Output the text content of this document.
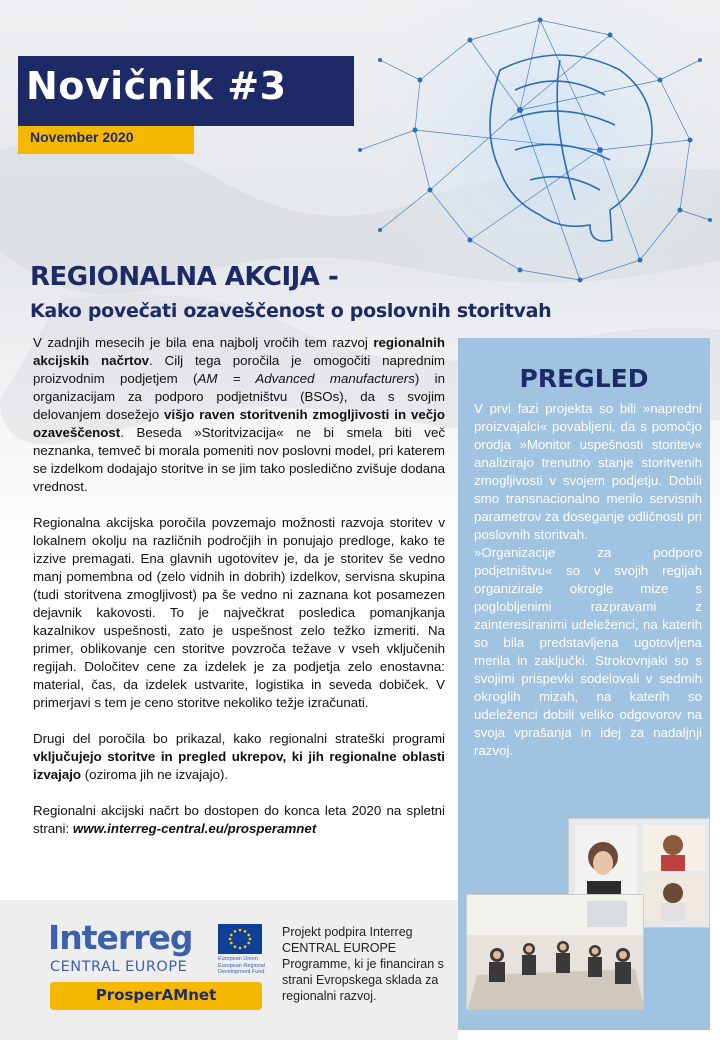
Novičnik #3
November 2020
REGIONALNA AKCIJA -
Kako povečati ozaveščenost o poslovnih storitvah

V zadnjih mesecih je bila ena najbolj vročih tem razvoj regionalnih akcijskih načrtov. Cilj tega poročila je omogočiti naprednim proizvodnim podjetjem (AM = Advanced manufacturers) in organizacijam za podporo podjetništvu (BSOs), da s svojim delovanjem dosežejo višjo raven storitvenih zmogljivosti in večjo ozaveščenost. Beseda »Storitvizacija« ne bi smela biti več neznanka, temveč bi morala pomeniti nov poslovni model, pri katerem se izdelkom dodajajo storitve in se jim tako posledično zvišuje dodana vrednost.

Regionalna akcijska poročila povzemajo možnosti razvoja storitev v lokalnem okolju na različnih področjih in ponujajo predloge, kako te izzive premagati. Ena glavnih ugotovitev je, da je storitev še vedno manj pomembna od (zelo vidnih in dobrih) izdelkov, servisna skupina (tudi storitvena zmogljivost) pa še vedno ni zaznana kot posamezen dejavnik kakovosti. To je največkrat posledica pomanjkanja kazalnikov uspešnosti, zato je uspešnost zelo težko izmeriti. Na primer, oblikovanje cen storitve povzroča težave v vseh vključenih regijah. Določitev cene za izdelek je za podjetja zelo enostavna: material, čas, da izdelek ustvarite, logistika in seveda dobiček. V primerjavi s tem je ceno storitve nekoliko težje izračunati.

Drugi del poročila bo prikazal, kako regionalni strateški programi vključujejo storitve in pregled ukrepov, ki jih regionalne oblasti izvajajo (oziroma jih ne izvajajo).

Regionalni akcijski načrt bo dostopen do konca leta 2020 na spletni strani: www.interreg-central.eu/prosperamnet

PREGLED

V prvi fazi projekta so bili »napredni proizvajalci« povabljeni, da s pomočjo orodja »Monitor uspešnosti storitev« analizirajo trenutno stanje storitvenih zmogljivosti v svojem podjetju. Dobili smo transnacionalno merilo servisnih parametrov za doseganje odličnosti pri poslovnih storitvah.

»Organizacije za podporo podjetništvu« so v svojih regijah organizirale okrogle mize s poglobljenimi razpravami z zainteresiranimi udeleženci, na katerih so bila predstavljena ugotovljena merila in zaključki. Strokovnjaki so s svojimi prispevki sodelovali v sedmih okroglih mizah, na katerih so udeleženci dobili veliko odgovorov na svoja vprašanja in idej za nadaljnji razvoj.

Interreg
CENTRAL EUROPE	European Union European Regional Development Fund
ProsperAMnet
Projekt podpira Interreg CENTRAL EUROPE Programme, ki je financiran s strani Evropskega sklada za regionalni razvoj.
